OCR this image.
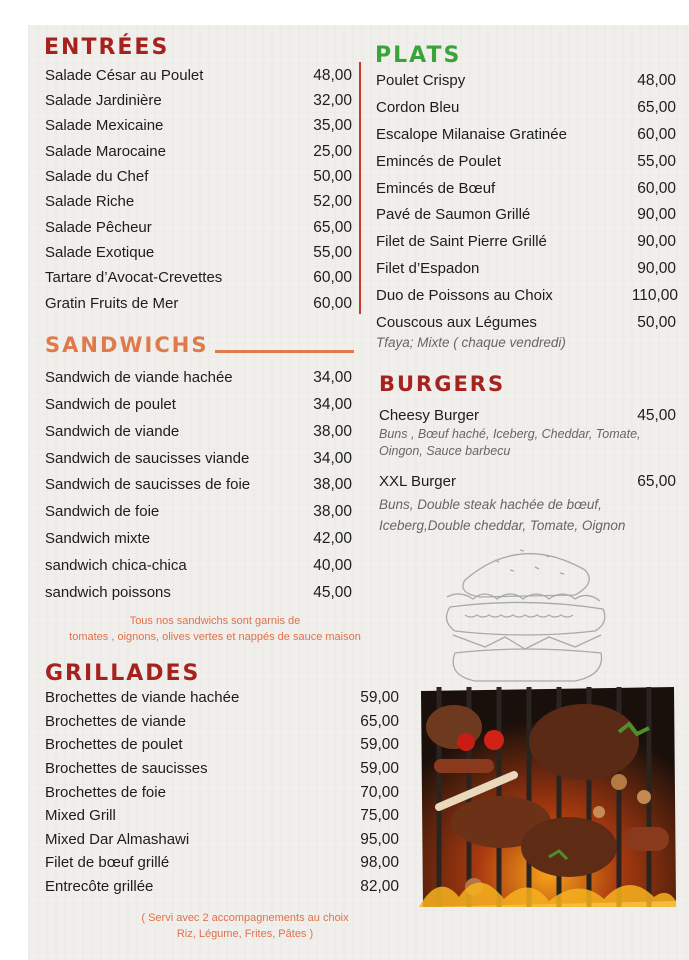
ENTRÉES
Salade César au Poulet	48,00
Salade Jardinière	32,00
Salade Mexicaine	35,00
Salade Marocaine	25,00
Salade du Chef	50,00
Salade Riche	52,00
Salade Pêcheur	65,00
Salade Exotique	55,00
Tartare d’Avocat-Crevettes	60,00
Gratin Fruits de Mer	60,00
PLATS
Poulet Crispy	48,00
Cordon Bleu	65,00
Escalope Milanaise Gratinée	60,00
Emincés de Poulet	55,00
Emincés de Bœuf	60,00
Pavé de Saumon Grillé	90,00
Filet de Saint Pierre Grillé	90,00
Filet d’Espadon	90,00
Duo de Poissons au Choix	110,00
Couscous aux Légumes	50,00
Tfaya; Mixte ( chaque vendredi)
SANDWICHS
Sandwich de viande hachée	34,00
Sandwich de poulet	34,00
Sandwich de viande	38,00
Sandwich de saucisses viande	34,00
Sandwich de saucisses de foie	38,00
Sandwich de foie	38,00
Sandwich mixte	42,00
sandwich chica-chica	40,00
sandwich poissons	45,00
Tous nos sandwichs sont garnis de
tomates , oignons, olives vertes et nappés de sauce maison
BURGERS
Cheesy Burger	45,00
Buns , Bœuf haché, Iceberg, Cheddar, Tomate,
Oingon, Sauce barbecu
XXL Burger	65,00
Buns, Double steak hachée de bœuf,
Iceberg,Double cheddar, Tomate, Oignon
GRILLADES
Brochettes de viande hachée	59,00
Brochettes de viande	65,00
Brochettes de poulet	59,00
Brochettes de saucisses	59,00
Brochettes de foie	70,00
Mixed Grill	75,00
Mixed Dar Almashawi	95,00
Filet de bœuf grillé	98,00
Entrecôte grillée	82,00
( Servi avec 2 accompagnements au choix
Riz, Légume, Frites, Pâtes )
